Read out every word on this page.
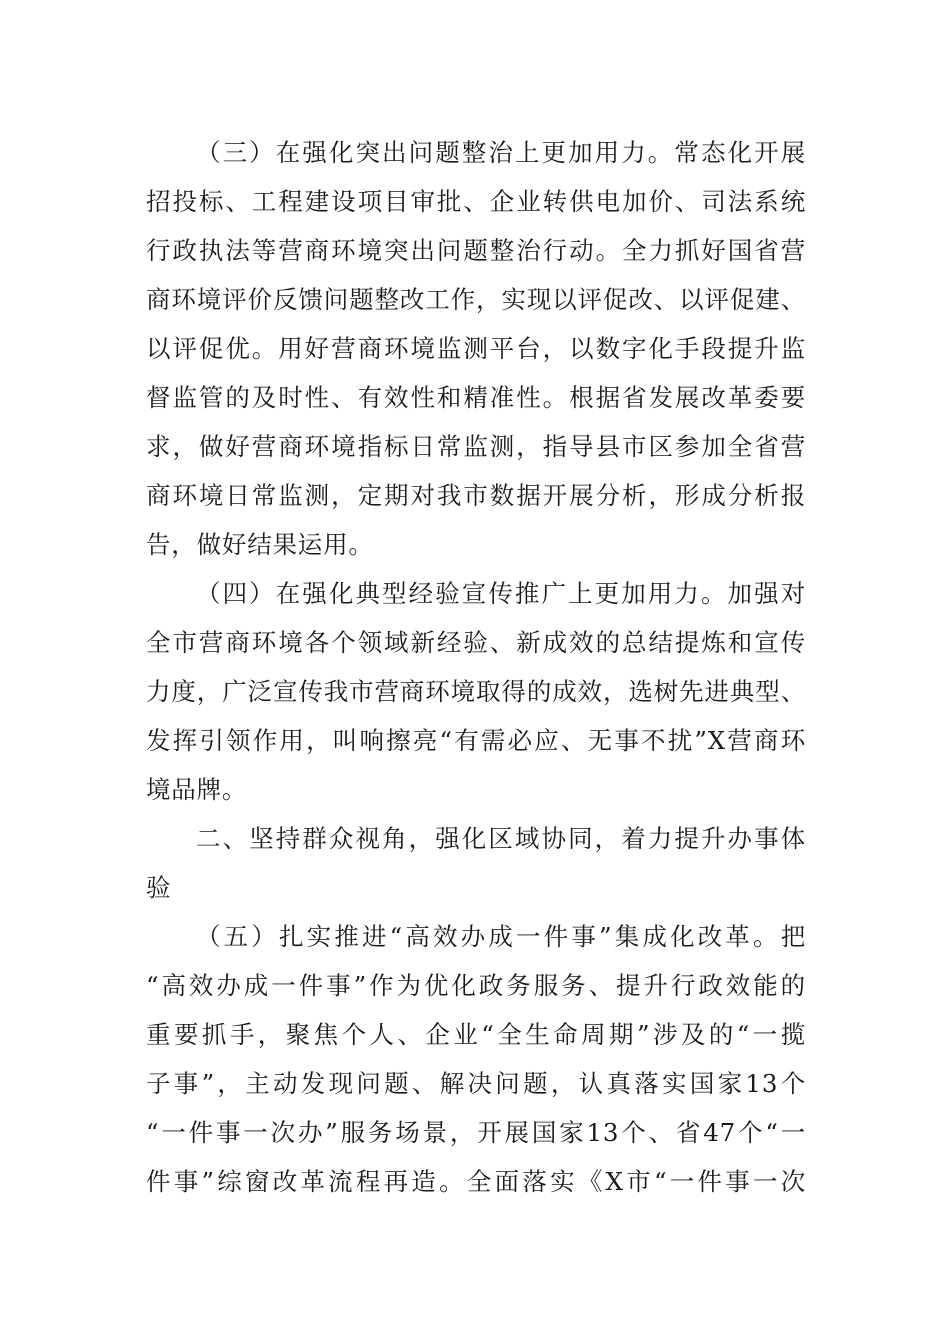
（三）在强化突出问题整治上更加用力。常态化开展
招投标、工程建设项目审批、企业转供电加价、司法系统
行政执法等营商环境突出问题整治行动。全力抓好国省营
商环境评价反馈问题整改工作，实现以评促改、以评促建、
以评促优。用好营商环境监测平台，以数字化手段提升监
督监管的及时性、有效性和精准性。根据省发展改革委要
求，做好营商环境指标日常监测，指导县市区参加全省营
商环境日常监测，定期对我市数据开展分析，形成分析报
告，做好结果运用。
（四）在强化典型经验宣传推广上更加用力。加强对
全市营商环境各个领域新经验、新成效的总结提炼和宣传
力度，广泛宣传我市营商环境取得的成效，选树先进典型、
发挥引领作用，叫响擦亮“有需必应、无事不扰”X营商环
境品牌。
二、坚持群众视角，强化区域协同，着力提升办事体
验
（五）扎实推进“高效办成一件事”集成化改革。把
“高效办成一件事”作为优化政务服务、提升行政效能的
重要抓手，聚焦个人、企业“全生命周期”涉及的“一揽
子事”，主动发现问题、解决问题，认真落实国家13个
“一件事一次办”服务场景，开展国家13个、省47个“一
件事”综窗改革流程再造。全面落实《X市“一件事一次
